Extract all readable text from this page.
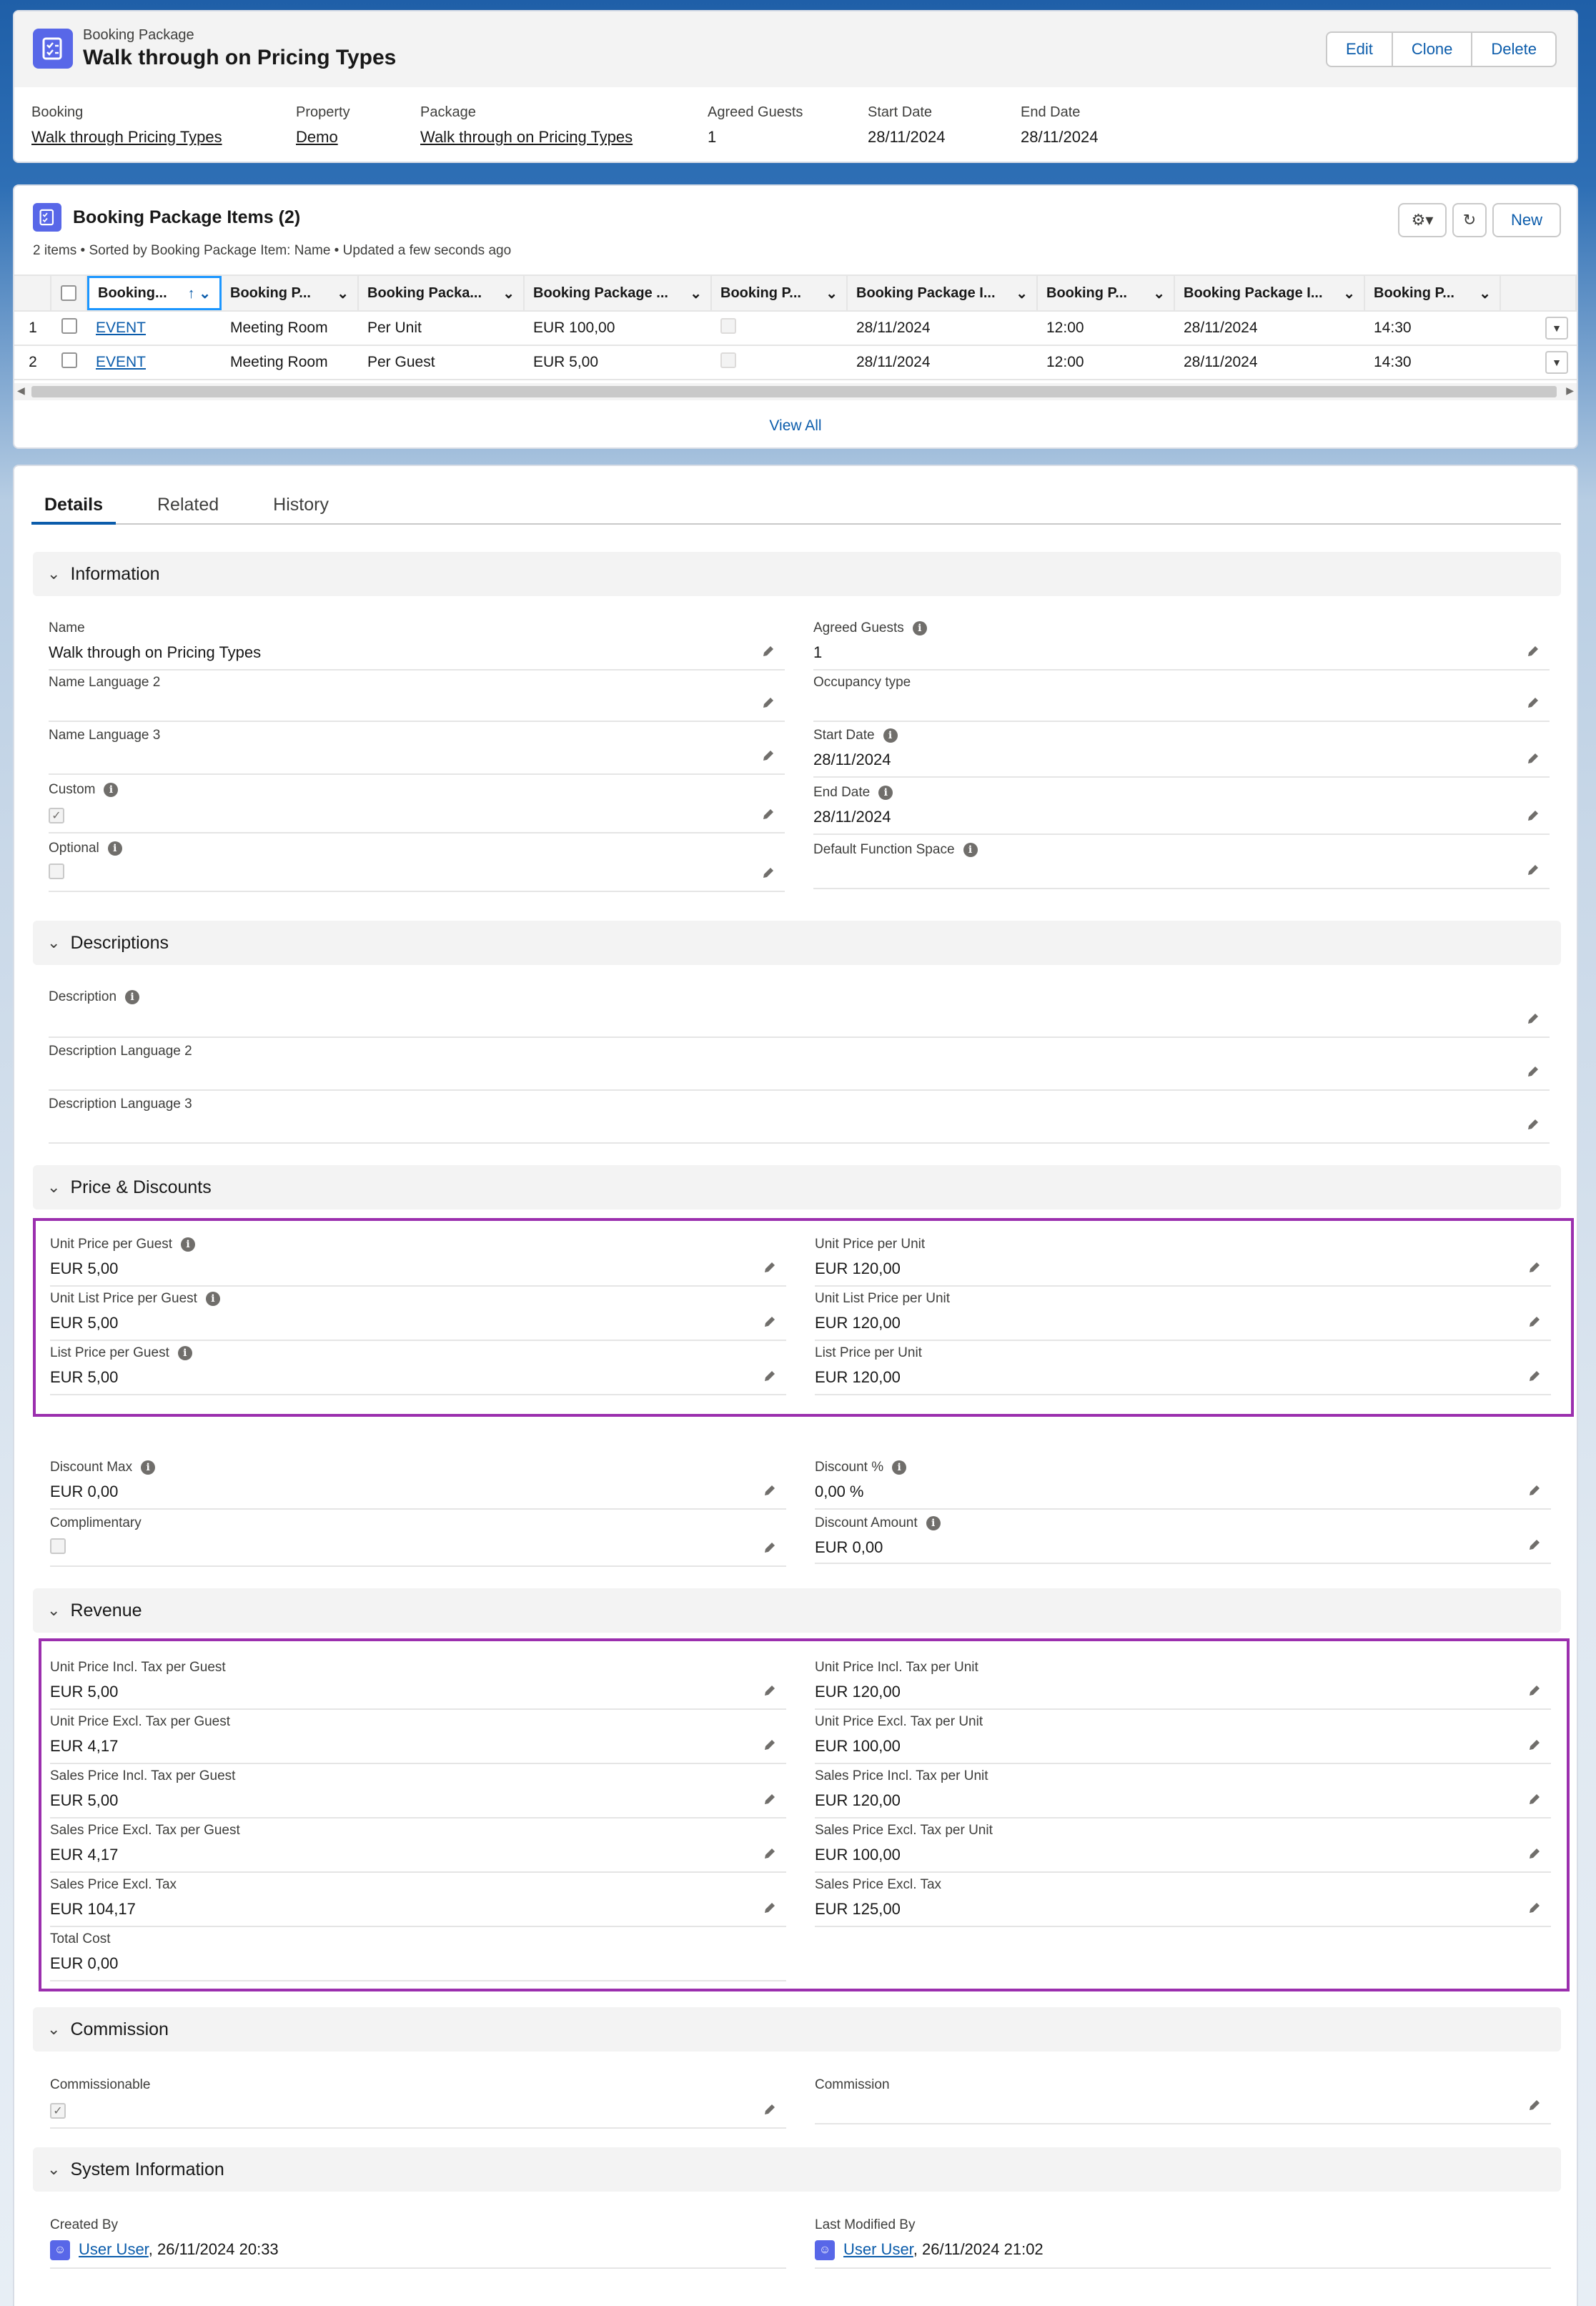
Booking Package
Walk through on Pricing Types	Edit	Clone	Delete
Booking
Walk through Pricing Types
Property
Demo
Package
Walk through on Pricing Types
Agreed Guests
1
Start Date
28/11/2024
End Date
28/11/2024
Booking Package Items (2)
2 items • Sorted by Booking Package Item: Name • Updated a few seconds ago
⚙▾ ↻	New
Booking... ↑ ⌄ Booking P... ⌄ Booking Packa... ⌄ Booking Package ... ⌄ Booking P... ⌄ Booking Package I... ⌄ Booking P... ⌄ Booking Package I... ⌄ Booking P... ⌄
1	EVENT	Meeting Room	Per Unit	EUR 100,00	28/11/2024	12:00	28/11/2024	14:30	▼
2	EVENT	Meeting Room	Per Guest	EUR 5,00	28/11/2024	12:00	28/11/2024	14:30	▼
◀	▶
View All
Details	Related	History
⌄ Information
Name
Walk through on Pricing Types
Name Language 2
Name Language 3
Custom	i
✓
Optional	i
Agreed Guests	i
1
Occupancy type
Start Date	i
28/11/2024
End Date	i
28/11/2024
Default Function Space	i
⌄ Descriptions
Description	i
Description Language 2
Description Language 3
⌄ Price & Discounts
Unit Price per Guest	i
EUR 5,00
Unit List Price per Guest	i
EUR 5,00
List Price per Guest	i
EUR 5,00
Unit Price per Unit
EUR 120,00
Unit List Price per Unit
EUR 120,00
List Price per Unit
EUR 120,00
Discount Max	i
EUR 0,00
Complimentary
Discount %	i
0,00 %
Discount Amount	i
EUR 0,00
⌄ Revenue
Unit Price Incl. Tax per Guest
EUR 5,00
Unit Price Excl. Tax per Guest
EUR 4,17
Sales Price Incl. Tax per Guest
EUR 5,00
Sales Price Excl. Tax per Guest
EUR 4,17
Sales Price Excl. Tax
EUR 104,17
Total Cost
EUR 0,00
Unit Price Incl. Tax per Unit
EUR 120,00
Unit Price Excl. Tax per Unit
EUR 100,00
Sales Price Incl. Tax per Unit
EUR 120,00
Sales Price Excl. Tax per Unit
EUR 100,00
Sales Price Excl. Tax
EUR 125,00
⌄ Commission
Commissionable
✓
Commission
⌄ System Information
Created By
☺ User User, 26/11/2024 20:33
Last Modified By
☺ User User, 26/11/2024 21:02
